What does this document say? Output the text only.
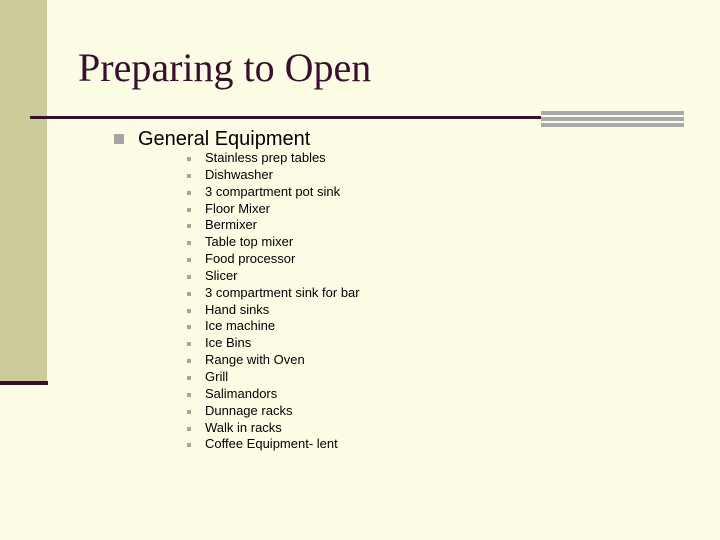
Preparing to Open
General Equipment
Stainless prep tables
Dishwasher
3 compartment pot sink
Floor Mixer
Bermixer
Table top mixer
Food processor
Slicer
3 compartment sink for bar
Hand sinks
Ice machine
Ice Bins
Range with Oven
Grill
Salimandors
Dunnage racks
Walk in racks
Coffee Equipment- lent
